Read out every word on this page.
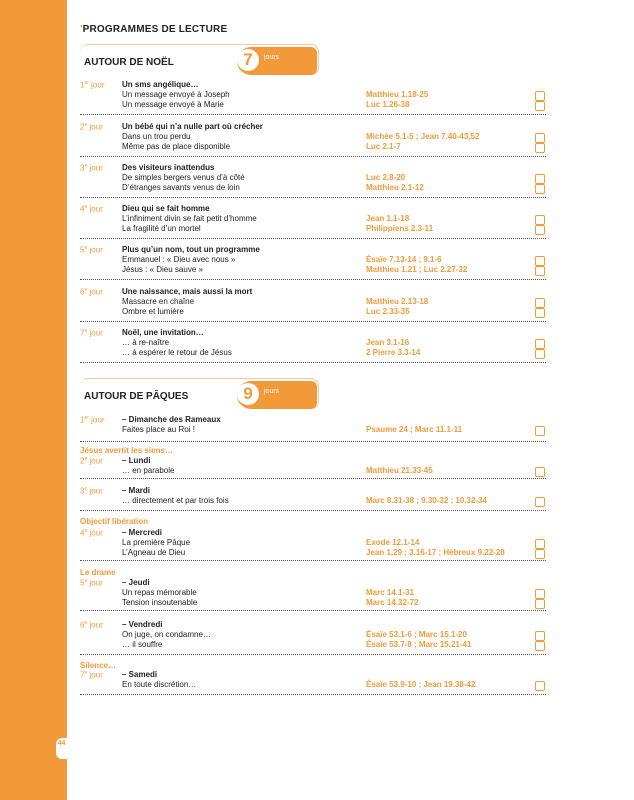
44
'PROGRAMMES DE LECTURE
AUTOUR DE NOËL	7	jours
1er jour Un sms angélique…
Un message envoyé à Joseph	Matthieu 1.18-25
Un message envoyé à Marie	Luc 1.26-38
2e jour Un bébé qui n’a nulle part où crécher
Dans un trou perdu	Michée 5.1-5 ; Jean 7.40-43,52
Même pas de place disponible	Luc 2.1-7
3e jour Des visiteurs inattendus
De simples bergers venus d’à côté	Luc 2.8-20
D’étranges savants venus de loin	Matthieu 2.1-12
4e jour Dieu qui se fait homme
L’infiniment divin se fait petit d’homme	Jean 1.1-18
La fragilité d’un mortel	Philippiens 2.3-11
5e jour Plus qu’un nom, tout un programme
Emmanuel : « Dieu avec nous »	Ésaïe 7.13-14 ; 9.1-6
Jésus : « Dieu sauve »	Matthieu 1.21 ; Luc 2.27-32
6e jour Une naissance, mais aussi la mort
Massacre en chaîne	Matthieu 2.13-18
Ombre et lumière	Luc 2.33-35
7e jour Noël, une invitation…
… à re-naître	Jean 3.1-16
… à espérer le retour de Jésus	2 Pierre 3.3-14
AUTOUR DE PÂQUES	9	jours
1er jour – Dimanche des Rameaux
Faites place au Roi !	Psaume 24 ; Marc 11.1-11
Jésus avertit les siens…
2e jour – Lundi
… en parabole	Matthieu 21.33-45
3e jour – Mardi
… directement et par trois fois	Marc 8.31-38 ; 9.30-32 ; 10.32-34
Objectif libération
4e jour – Mercredi
La première Pâque	Exode 12.1-14
L’Agneau de Dieu	Jean 1.29 ; 3.16-17 ; Hébreux 9.22-28
Le drame
5e jour – Jeudi
Un repas mémorable	Marc 14.1-31
Tension insoutenable	Marc 14.32-72
6e jour – Vendredi
On juge, on condamne…	Ésaïe 53.1-6 ; Marc 15.1-20
… il souffre	Ésaïe 53.7-8 ; Marc 15.21-41
Silence…
7e jour – Samedi
En toute discrétion…	Ésaïe 53.9-10 ; Jean 19.38-42
